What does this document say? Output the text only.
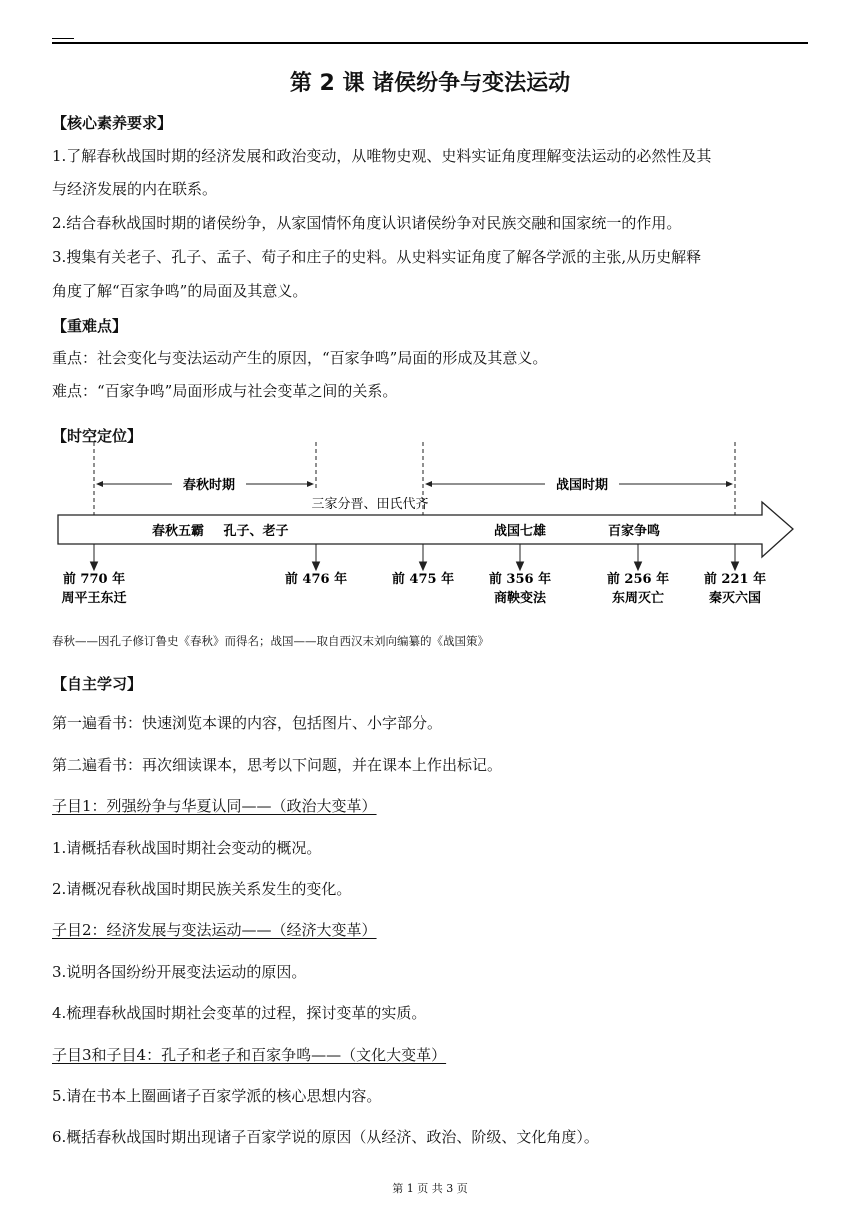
第 2 课 诸侯纷争与变法运动
【核心素养要求】
1.了解春秋战国时期的经济发展和政治变动，从唯物史观、史料实证角度理解变法运动的必然性及其
与经济发展的内在联系。
2.结合春秋战国时期的诸侯纷争，从家国情怀角度认识诸侯纷争对民族交融和国家统一的作用。
3.搜集有关老子、孔子、孟子、荀子和庄子的史料。从史料实证角度了解各学派的主张,从历史解释
角度了解“百家争鸣”的局面及其意义。
【重难点】
重点：社会变化与变法运动产生的原因，“百家争鸣”局面的形成及其意义。
难点：“百家争鸣”局面形成与社会变革之间的关系。
【时空定位】
春秋时期	战国时期
三家分晋、田氏代齐
春秋五霸 孔子、老子	战国七雄	百家争鸣
前 770 年
周平王东迁
前 476 年	前 475 年	前 356 年
商鞅变法
前 256 年
东周灭亡
前 221 年
秦灭六国
春秋——因孔子修订鲁史《春秋》而得名；战国——取自西汉末刘向编纂的《战国策》
【自主学习】
第一遍看书：快速浏览本课的内容，包括图片、小字部分。
第二遍看书：再次细读课本，思考以下问题，并在课本上作出标记。
子目1：列强纷争与华夏认同——（政治大变革）
1.请概括春秋战国时期社会变动的概况。
2.请概况春秋战国时期民族关系发生的变化。
子目2：经济发展与变法运动——（经济大变革）
3.说明各国纷纷开展变法运动的原因。
4.梳理春秋战国时期社会变革的过程，探讨变革的实质。
子目3和子目4：孔子和老子和百家争鸣——（文化大变革）
5.请在书本上圈画诸子百家学派的核心思想内容。
6.概括春秋战国时期出现诸子百家学说的原因（从经济、政治、阶级、文化角度）。
第 1 页 共 3 页
